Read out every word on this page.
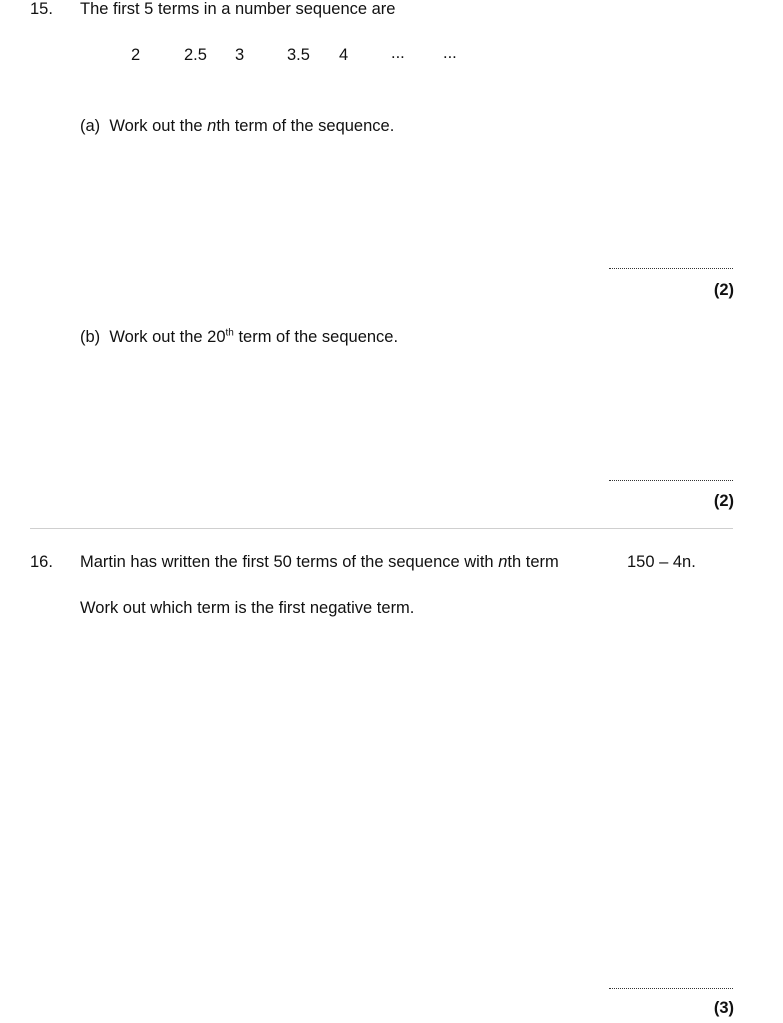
15. The first 5 terms in a number sequence are
2	2.5 3	3.5 4	... ...
(a) Work out the nth term of the sequence.
(2)
(b) Work out the 20th term of the sequence.
(2)
16. Martin has written the first 50 terms of the sequence with nth term	150 – 4n.
Work out which term is the first negative term.
(3)
